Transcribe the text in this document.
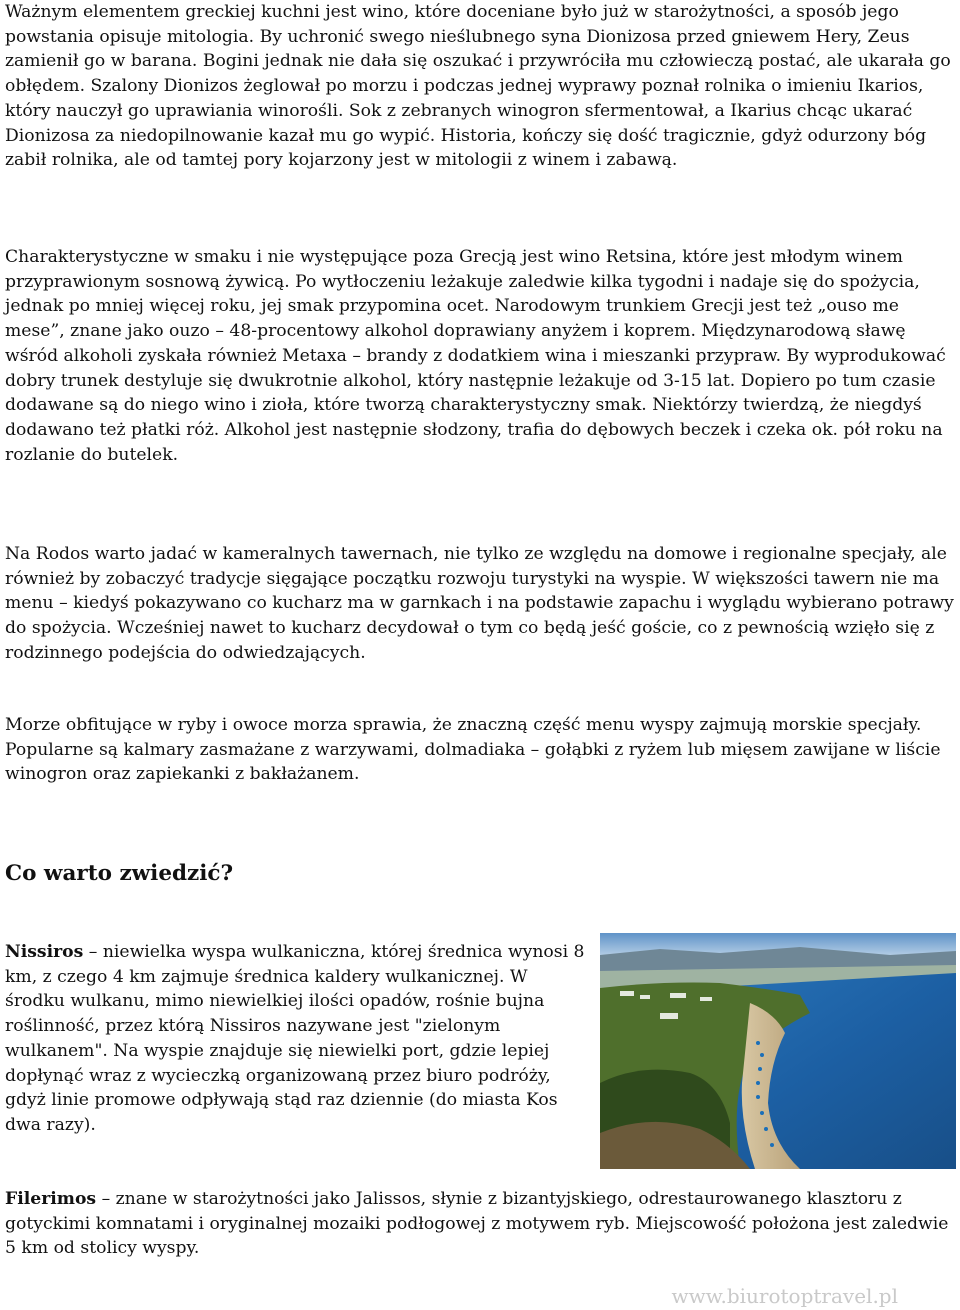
Ważnym elementem greckiej kuchni jest wino, które doceniane było już w starożytności, a sposób jego powstania opisuje mitologia. By uchronić swego nieślubnego syna Dionizosa przed gniewem Hery, Zeus zamienił go w barana. Bogini jednak nie dała się oszukać i przywróciła mu człowieczą postać, ale ukarała go obłędem. Szalony Dionizos żeglował po morzu i podczas jednej wyprawy poznał rolnika o imieniu Ikarios, który nauczył go uprawiania winorośli. Sok z zebranych winogron sfermentował, a Ikarius chcąc ukarać Dionizosa za niedopilnowanie kazał mu go wypić. Historia, kończy się dość tragicznie, gdyż odurzony bóg zabił rolnika, ale od tamtej pory kojarzony jest w mitologii z winem i zabawą.

Charakterystyczne w smaku i nie występujące poza Grecją jest wino Retsina, które jest młodym winem przyprawionym sosnową żywicą. Po wytłoczeniu leżakuje zaledwie kilka tygodni i nadaje się do spożycia, jednak po mniej więcej roku, jej smak przypomina ocet. Narodowym trunkiem Grecji jest też „ouso me mese”, znane jako ouzo – 48-procentowy alkohol doprawiany anyżem i koprem. Międzynarodową sławę wśród alkoholi zyskała również Metaxa – brandy z dodatkiem wina i mieszanki przypraw. By wyprodukować dobry trunek destyluje się dwukrotnie alkohol, który następnie leżakuje od 3-15 lat. Dopiero po tum czasie dodawane są do niego wino i zioła, które tworzą charakterystyczny smak. Niektórzy twierdzą, że niegdyś dodawano też płatki róż. Alkohol jest następnie słodzony, trafia do dębowych beczek i czeka ok. pół roku na rozlanie do butelek.

Na Rodos warto jadać w kameralnych tawernach, nie tylko ze względu na domowe i regionalne specjały, ale również by zobaczyć tradycje sięgające początku rozwoju turystyki na wyspie. W większości tawern nie ma menu – kiedyś pokazywano co kucharz ma w garnkach i na podstawie zapachu i wyglądu wybierano potrawy do spożycia. Wcześniej nawet to kucharz decydował o tym co będą jeść goście, co z pewnością wzięło się z rodzinnego podejścia do odwiedzających.

Morze obfitujące w ryby i owoce morza sprawia, że znaczną część menu wyspy zajmują morskie specjały. Popularne są kalmary zasmażane z warzywami, dolmadiaka – gołąbki z ryżem lub mięsem zawijane w liście winogron oraz zapiekanki z bakłażanem.

Co warto zwiedzić?

Nissiros – niewielka wyspa wulkaniczna, której średnica wynosi 8 km, z czego 4 km zajmuje średnica kaldery wulkanicznej. W środku wulkanu, mimo niewielkiej ilości opadów, rośnie bujna roślinność, przez którą Nissiros nazywane jest "zielonym wulkanem". Na wyspie znajduje się niewielki port, gdzie lepiej dopłynąć wraz z wycieczką organizowaną przez biuro podróży, gdyż linie promowe odpływają stąd raz dziennie (do miasta Kos dwa razy).

Filerimos – znane w starożytności jako Jalissos, słynie z bizantyjskiego, odrestaurowanego klasztoru z gotyckimi komnatami i oryginalnej mozaiki podłogowej z motywem ryb. Miejscowość położona jest zaledwie 5 km od stolicy wyspy.

www.biurotoptravel.pl
